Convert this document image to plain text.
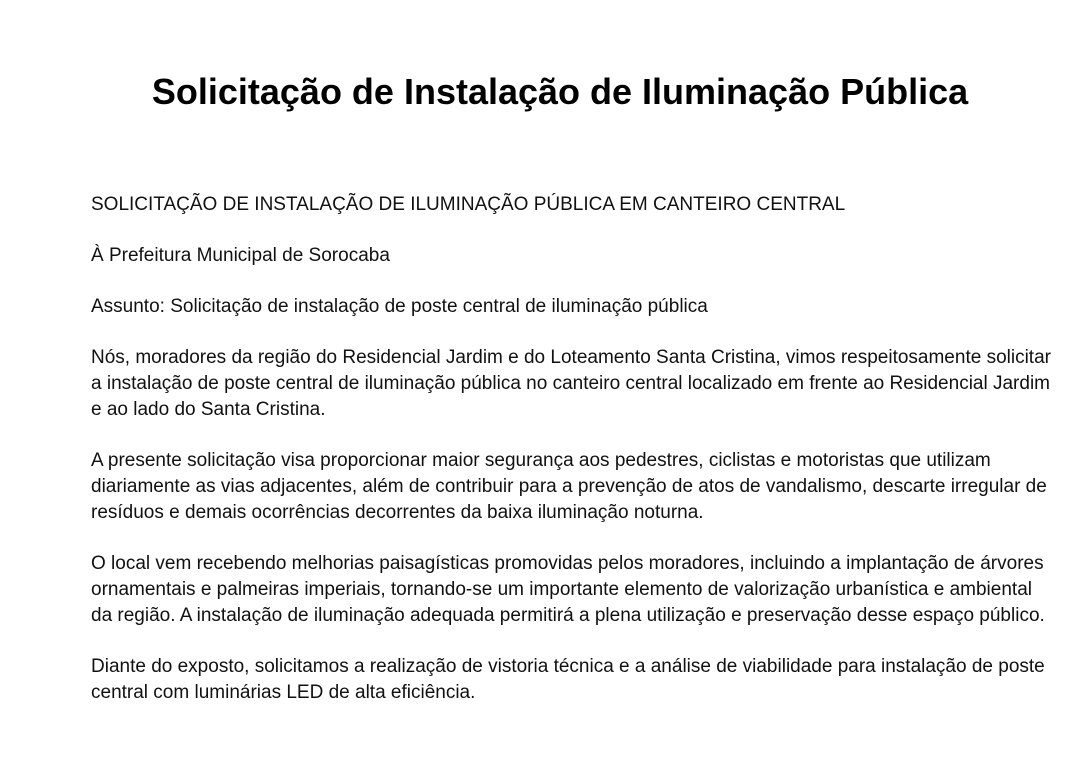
Solicitação de Instalação de Iluminação Pública

SOLICITAÇÃO DE INSTALAÇÃO DE ILUMINAÇÃO PÚBLICA EM CANTEIRO CENTRAL

À Prefeitura Municipal de Sorocaba

Assunto: Solicitação de instalação de poste central de iluminação pública

Nós, moradores da região do Residencial Jardim e do Loteamento Santa Cristina, vimos respeitosamente solicitar a instalação de poste central de iluminação pública no canteiro central localizado em frente ao Residencial Jardim e ao lado do Santa Cristina.

A presente solicitação visa proporcionar maior segurança aos pedestres, ciclistas e motoristas que utilizam diariamente as vias adjacentes, além de contribuir para a prevenção de atos de vandalismo, descarte irregular de resíduos e demais ocorrências decorrentes da baixa iluminação noturna.

O local vem recebendo melhorias paisagísticas promovidas pelos moradores, incluindo a implantação de árvores ornamentais e palmeiras imperiais, tornando-se um importante elemento de valorização urbanística e ambiental da região. A instalação de iluminação adequada permitirá a plena utilização e preservação desse espaço público.

Diante do exposto, solicitamos a realização de vistoria técnica e a análise de viabilidade para instalação de poste central com luminárias LED de alta eficiência.
